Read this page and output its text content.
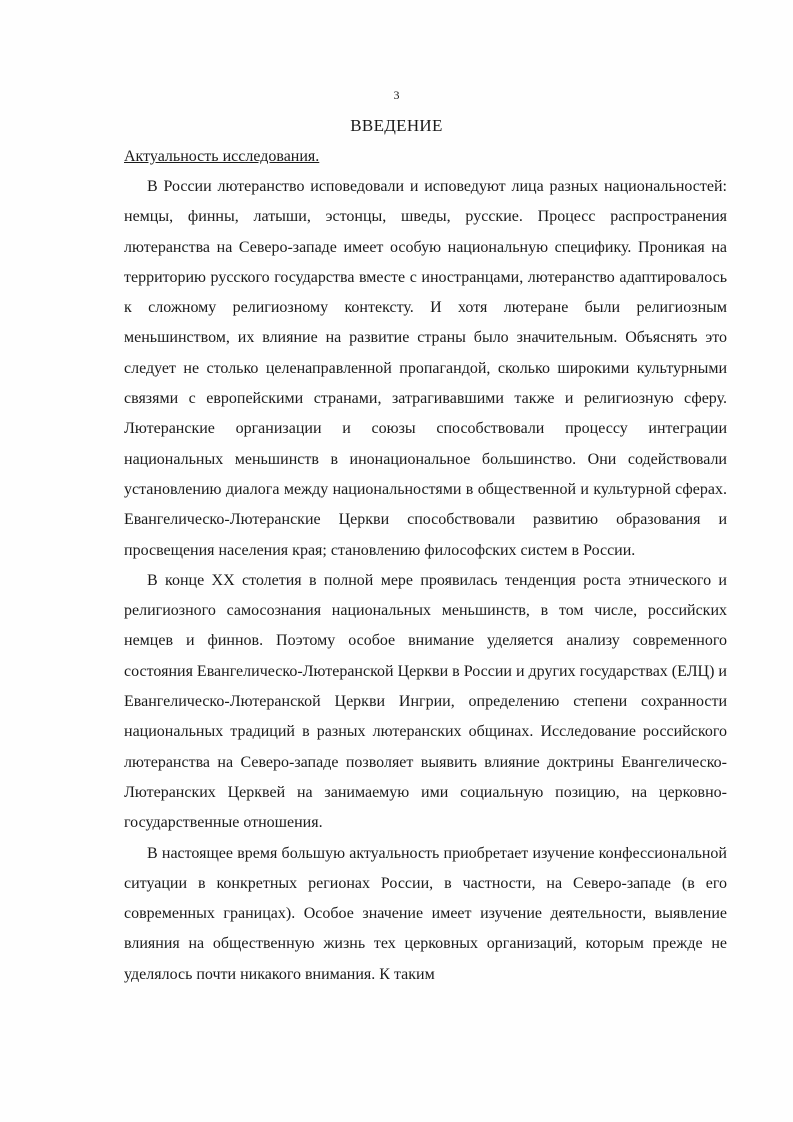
3
ВВЕДЕНИЕ
Актуальность исследования.

В России лютеранство исповедовали и исповедуют лица разных национальностей: немцы, финны, латыши, эстонцы, шведы, русские. Процесс распространения лютеранства на Северо-западе имеет особую национальную специфику. Проникая на территорию русского государства вместе с иностранцами, лютеранство адаптировалось к сложному религиозному контексту. И хотя лютеране были религиозным меньшинством, их влияние на развитие страны было значительным. Объяснять это следует не столько целенаправленной пропагандой, сколько широкими культурными связями с европейскими странами, затрагивавшими также и религиозную сферу. Лютеранские организации и союзы способствовали процессу интеграции национальных меньшинств в инонациональное большинство. Они содействовали установлению диалога между национальностями в общественной и культурной сферах. Евангелическо-Лютеранские Церкви способствовали развитию образования и просвещения населения края; становлению философских систем в России.

В конце XX столетия в полной мере проявилась тенденция роста этнического и религиозного самосознания национальных меньшинств, в том числе, российских немцев и финнов. Поэтому особое внимание уделяется анализу современного состояния Евангелическо-Лютеранской Церкви в России и других государствах (ЕЛЦ) и Евангелическо-Лютеранской Церкви Ингрии, определению степени сохранности национальных традиций в разных лютеранских общинах. Исследование российского лютеранства на Северо-западе позволяет выявить влияние доктрины Евангелическо-Лютеранских Церквей на занимаемую ими социальную позицию, на церковно-государственные отношения.

В настоящее время большую актуальность приобретает изучение конфессиональной ситуации в конкретных регионах России, в частности, на Северо-западе (в его современных границах). Особое значение имеет изучение деятельности, выявление влияния на общественную жизнь тех церковных организаций, которым прежде не уделялось почти никакого внимания. К таким
